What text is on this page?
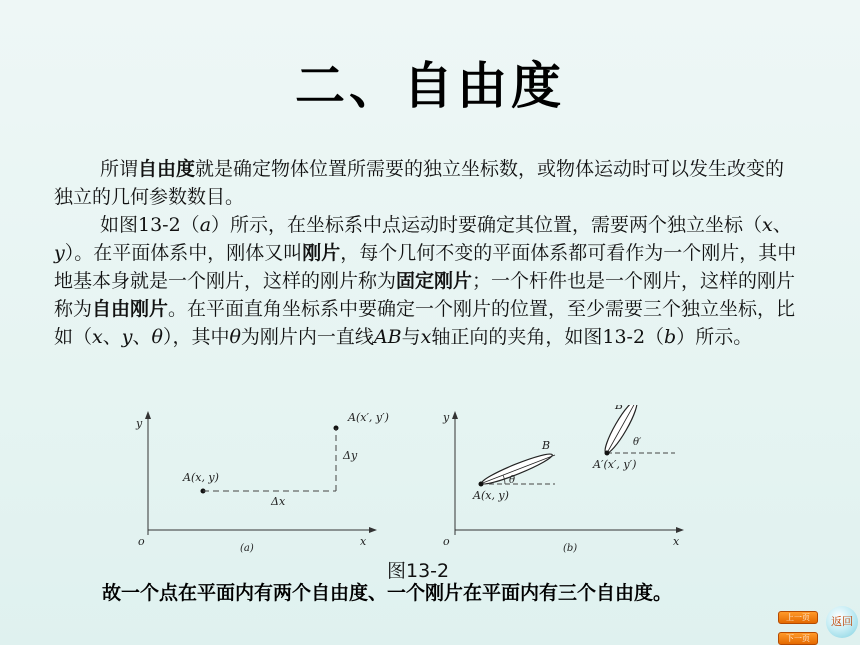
二、自由度
所谓自由度就是确定物体位置所需要的独立坐标数，或物体运动时可以发生改变的独立的几何参数数目。
如图13-2（a）所示，在坐标系中点运动时要确定其位置，需要两个独立坐标（x、y）。在平面体系中，刚体又叫刚片，每个几何不变的平面体系都可看作为一个刚片，其中地基本身就是一个刚片，这样的刚片称为固定刚片；一个杆件也是一个刚片，这样的刚片称为自由刚片。在平面直角坐标系中要确定一个刚片的位置，至少需要三个独立坐标，比如（x、y、θ），其中θ为刚片内一直线AB与x轴正向的夹角，如图13-2（b）所示。
y
x
o
A(x, y)
A(x′, y′)
Δx
Δy
(a)
y
x
o
B
A(x, y)
θ
B′
A′(x′, y′)
θ′
(b)
图13-2
故一个点在平面内有两个自由度、一个刚片在平面内有三个自由度。
上一页
下一页
返回
